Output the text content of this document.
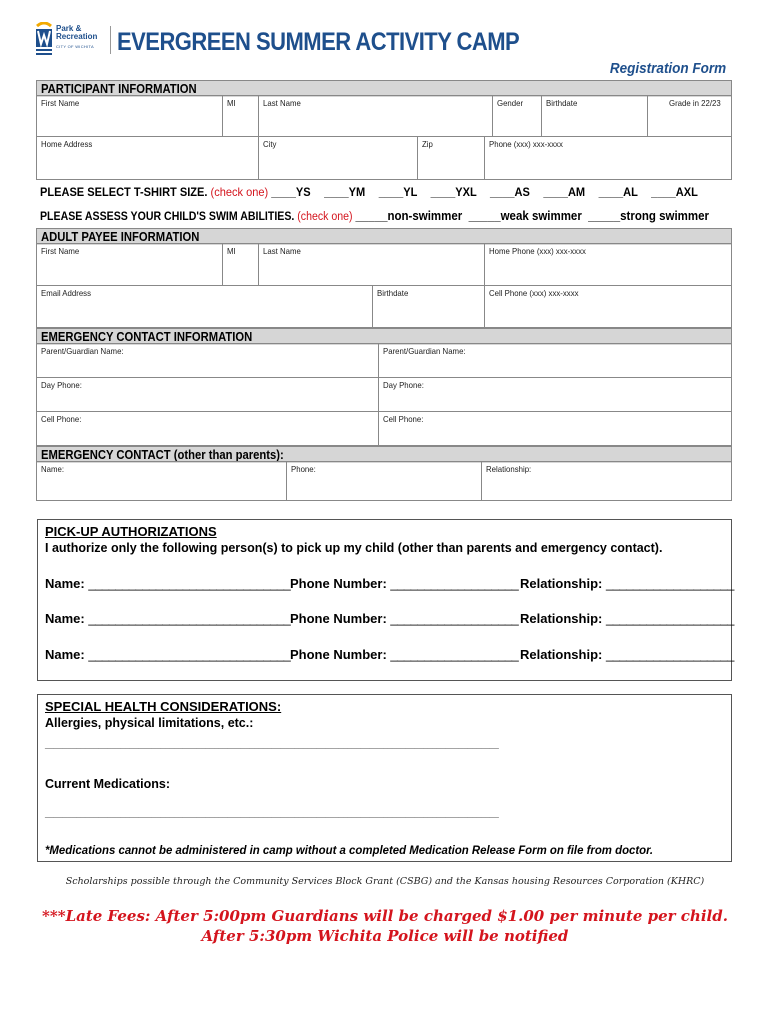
Park &
Recreation
CITY OF WICHITA EVERGREEN SUMMER ACTIVITY CAMP
Registration Form
PARTICIPANT INFORMATION
First Name	MI	Last Name	Gender	Birthdate	Grade in 22/23
Home Address	City	Zip	Phone (xxx) xxx-xxxx
PLEASE SELECT T-SHIRT SIZE. (check one) ____YS  ____YM  ____YL  ____YXL  ____AS  ____AM  ____AL  ____AXL
PLEASE ASSESS YOUR CHILD'S SWIM ABILITIES. (check one) _____non-swimmer  _____weak swimmer  _____strong swimmer
ADULT PAYEE INFORMATION
First Name	MI	Last Name	Home Phone (xxx) xxx-xxxx
Email Address	Birthdate	Cell Phone (xxx) xxx-xxxx
EMERGENCY CONTACT INFORMATION
Parent/Guardian Name:	Parent/Guardian Name:
Day Phone:	Day Phone:
Cell Phone:	Cell Phone:
EMERGENCY CONTACT (other than parents):
Name:	Phone:	Relationship:
PICK-UP AUTHORIZATIONS
I authorize only the following person(s) to pick up my child (other than parents and emergency contact).
Name: ______________________________ Phone Number: ___________________ Relationship: ___________________
Name: ______________________________ Phone Number: ___________________ Relationship: ___________________
Name: ______________________________ Phone Number: ___________________ Relationship: ___________________
SPECIAL HEALTH CONSIDERATIONS:
Allergies, physical limitations, etc.:
______________________________________________________________________________________________________
Current Medications:
______________________________________________________________________________________________________
*Medications cannot be administered in camp without a completed Medication Release Form on file from doctor.
Scholarships possible through the Community Services Block Grant (CSBG) and the Kansas housing Resources Corporation (KHRC)
***Late Fees: After 5:00pm Guardians will be charged $1.00 per minute per child.
After 5:30pm Wichita Police will be notified
